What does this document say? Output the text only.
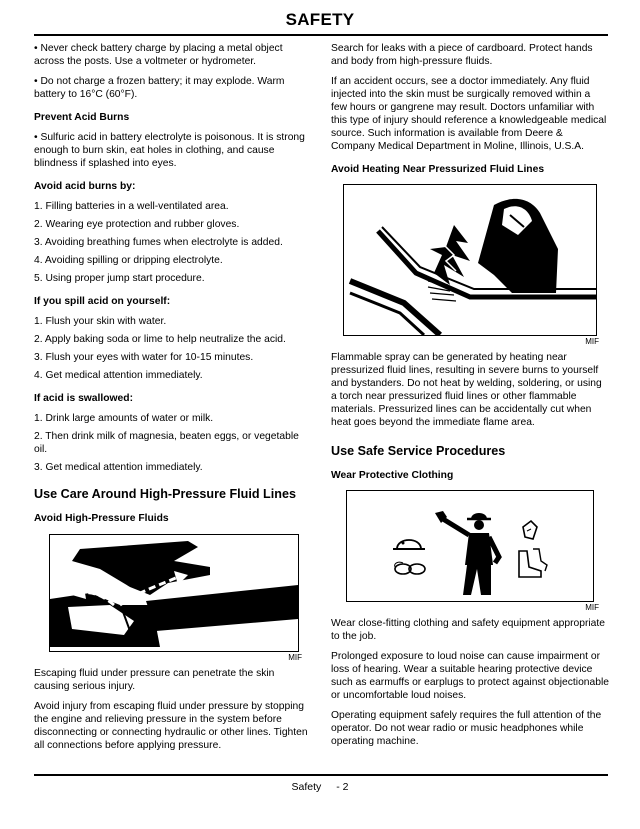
SAFETY

• Never check battery charge by placing a metal object across the posts. Use a voltmeter or hydrometer.

• Do not charge a frozen battery; it may explode. Warm battery to 16°C (60°F).

Prevent Acid Burns

• Sulfuric acid in battery electrolyte is poisonous. It is strong enough to burn skin, eat holes in clothing, and cause blindness if splashed into eyes.

Avoid acid burns by:

1. Filling batteries in a well-ventilated area.

2. Wearing eye protection and rubber gloves.

3. Avoiding breathing fumes when electrolyte is added.

4. Avoiding spilling or dripping electrolyte.

5. Using proper jump start procedure.

If you spill acid on yourself:

1. Flush your skin with water.

2. Apply baking soda or lime to help neutralize the acid.

3. Flush your eyes with water for 10-15 minutes.

4. Get medical attention immediately.

If acid is swallowed:

1. Drink large amounts of water or milk.

2. Then drink milk of magnesia, beaten eggs, or vegetable oil.

3. Get medical attention immediately.

Use Care Around High-Pressure Fluid Lines
Avoid High-Pressure Fluids
MIF

Escaping fluid under pressure can penetrate the skin causing serious injury.

Avoid injury from escaping fluid under pressure by stopping the engine and relieving pressure in the system before disconnecting or connecting hydraulic or other lines. Tighten all connections before applying pressure.

Search for leaks with a piece of cardboard. Protect hands and body from high-pressure fluids.

If an accident occurs, see a doctor immediately. Any fluid injected into the skin must be surgically removed within a few hours or gangrene may result. Doctors unfamiliar with this type of injury should reference a knowledgeable medical source. Such information is available from Deere & Company Medical Department in Moline, Illinois, U.S.A.

Avoid Heating Near Pressurized Fluid Lines
MIF

Flammable spray can be generated by heating near pressurized fluid lines, resulting in severe burns to yourself and bystanders. Do not heat by welding, soldering, or using a torch near pressurized fluid lines or other flammable materials. Pressurized lines can be accidentally cut when heat goes beyond the immediate flame area.

Use Safe Service Procedures
Wear Protective Clothing
MIF

Wear close-fitting clothing and safety equipment appropriate to the job.

Prolonged exposure to loud noise can cause impairment or loss of hearing. Wear a suitable hearing protective device such as earmuffs or earplugs to protect against objectionable or uncomfortable loud noises.

Operating equipment safely requires the full attention of the operator. Do not wear radio or music headphones while operating machine.

Safety - 2
